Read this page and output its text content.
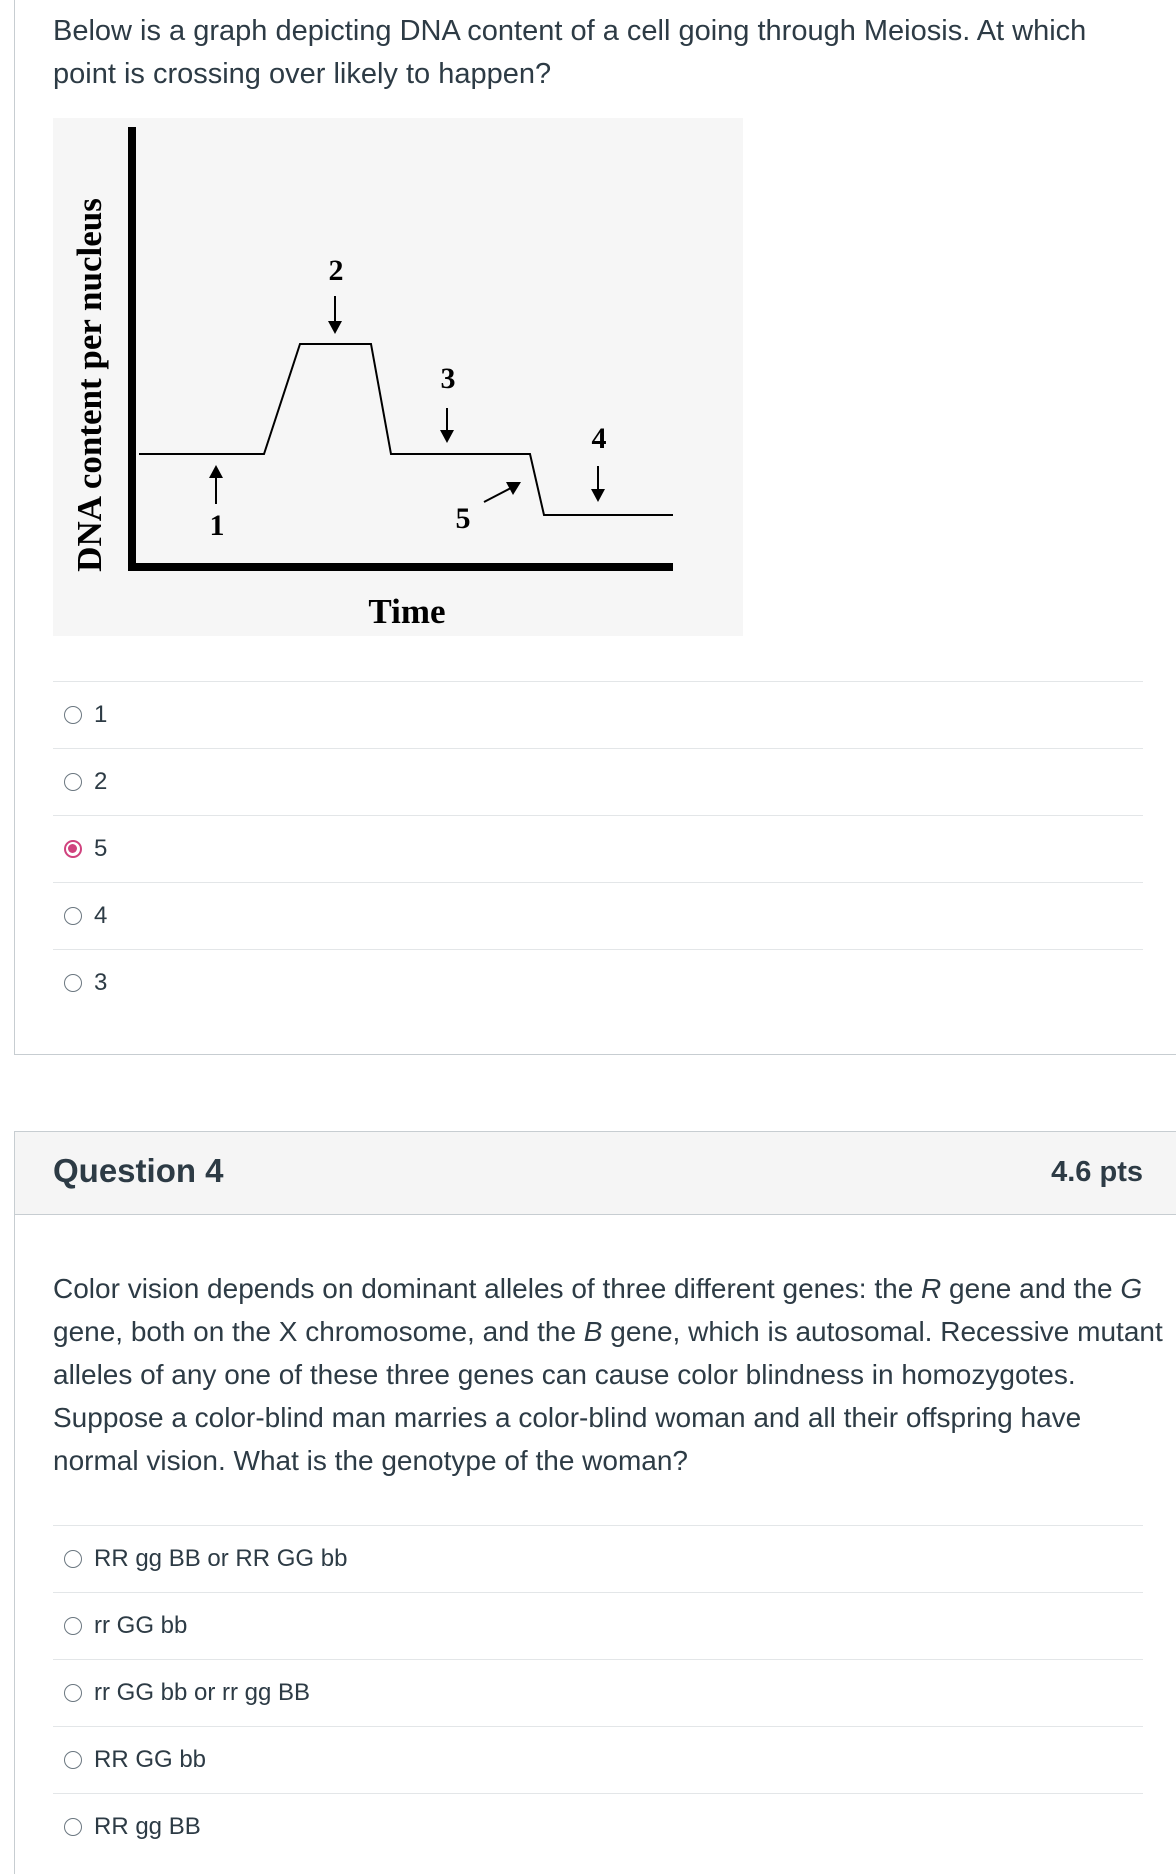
Below is a graph depicting DNA content of a cell going through Meiosis. At which point is crossing over likely to happen?

DNA content per nucleus
Time
1
2
3
4
5
1
2
5
4
3
Question 4	4.6 pts

Color vision depends on dominant alleles of three different genes: the R gene and the G gene, both on the X chromosome, and the B gene, which is autosomal. Recessive mutant alleles of any one of these three genes can cause color blindness in homozygotes. Suppose a color-blind man marries a color-blind woman and all their offspring have normal vision. What is the genotype of the woman?

RR gg BB or RR GG bb
rr GG bb
rr GG bb or rr gg BB
RR GG bb
RR gg BB
